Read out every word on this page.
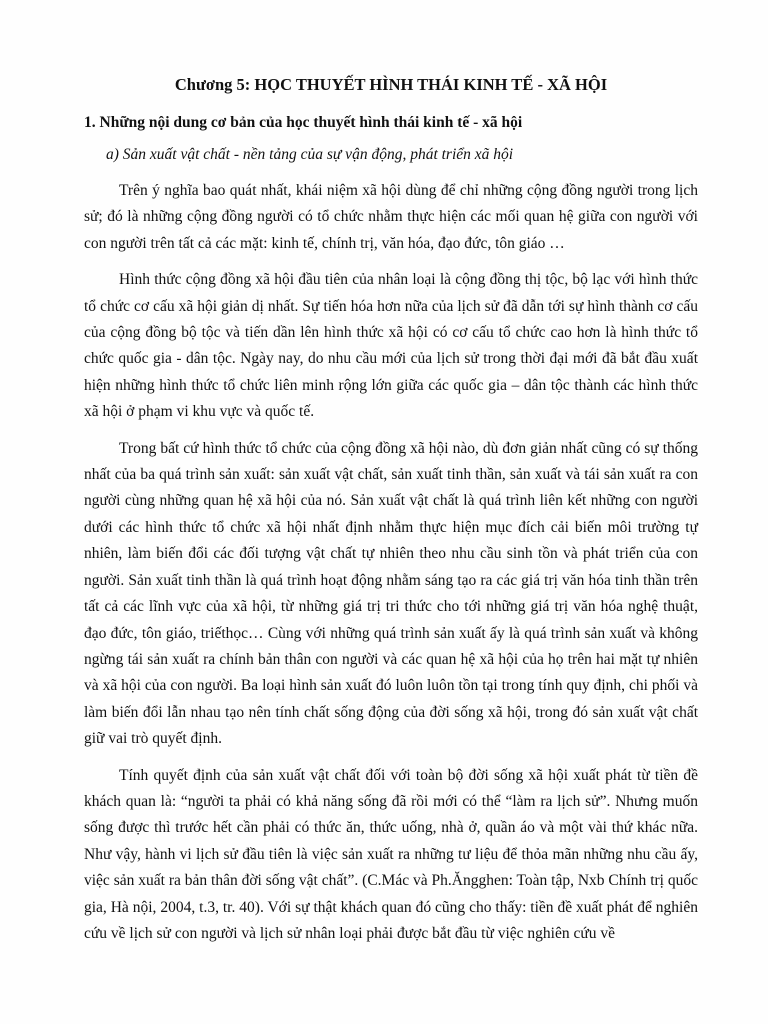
Chương 5: HỌC THUYẾT HÌNH THÁI KINH TẾ - XÃ HỘI

1. Những nội dung cơ bản của học thuyết hình thái kinh tế - xã hội

a) Sản xuất vật chất - nền tảng của sự vận động, phát triển xã hội

Trên ý nghĩa bao quát nhất, khái niệm xã hội dùng để chỉ những cộng đồng người trong lịch sử; đó là những cộng đồng người có tổ chức nhằm thực hiện các mối quan hệ giữa con người với con người trên tất cả các mặt: kinh tế, chính trị, văn hóa, đạo đức, tôn giáo …

Hình thức cộng đồng xã hội đầu tiên của nhân loại là cộng đồng thị tộc, bộ lạc với hình thức tổ chức cơ cấu xã hội giản dị nhất. Sự tiến hóa hơn nữa của lịch sử đã dẫn tới sự hình thành cơ cấu của cộng đồng bộ tộc và tiến dần lên hình thức xã hội có cơ cấu tổ chức cao hơn là hình thức tổ chức quốc gia - dân tộc. Ngày nay, do nhu cầu mới của lịch sử trong thời đại mới đã bắt đầu xuất hiện những hình thức tổ chức liên minh rộng lớn giữa các quốc gia – dân tộc thành các hình thức xã hội ở phạm vi khu vực và quốc tế.

Trong bất cứ hình thức tổ chức của cộng đồng xã hội nào, dù đơn giản nhất cũng có sự thống nhất của ba quá trình sản xuất: sản xuất vật chất, sản xuất tinh thần, sản xuất và tái sản xuất ra con người cùng những quan hệ xã hội của nó. Sản xuất vật chất là quá trình liên kết những con người dưới các hình thức tổ chức xã hội nhất định nhằm thực hiện mục đích cải biến môi trường tự nhiên, làm biến đổi các đối tượng vật chất tự nhiên theo nhu cầu sinh tồn và phát triển của con người. Sản xuất tinh thần là quá trình hoạt động nhằm sáng tạo ra các giá trị văn hóa tinh thần trên tất cả các lĩnh vực của xã hội, từ những giá trị tri thức cho tới những giá trị văn hóa nghệ thuật, đạo đức, tôn giáo, triếthọc… Cùng với những quá trình sản xuất ấy là quá trình sản xuất và không ngừng tái sản xuất ra chính bản thân con người và các quan hệ xã hội của họ trên hai mặt tự nhiên và xã hội của con người. Ba loại hình sản xuất đó luôn luôn tồn tại trong tính quy định, chi phối và làm biến đổi lẫn nhau tạo nên tính chất sống động của đời sống xã hội, trong đó sản xuất vật chất giữ vai trò quyết định.

Tính quyết định của sản xuất vật chất đối với toàn bộ đời sống xã hội xuất phát từ tiền đề khách quan là: “người ta phải có khả năng sống đã rồi mới có thể “làm ra lịch sử”. Nhưng muốn sống được thì trước hết cần phải có thức ăn, thức uống, nhà ở, quần áo và một vài thứ khác nữa. Như vậy, hành vi lịch sử đầu tiên là việc sản xuất ra những tư liệu để thỏa mãn những nhu cầu ấy, việc sản xuất ra bản thân đời sống vật chất”. (C.Mác và Ph.Ăngghen: Toàn tập, Nxb Chính trị quốc gia, Hà nội, 2004, t.3, tr. 40). Với sự thật khách quan đó cũng cho thấy: tiền đề xuất phát để nghiên cứu về lịch sử con người và lịch sử nhân loại phải được bắt đầu từ việc nghiên cứu về
